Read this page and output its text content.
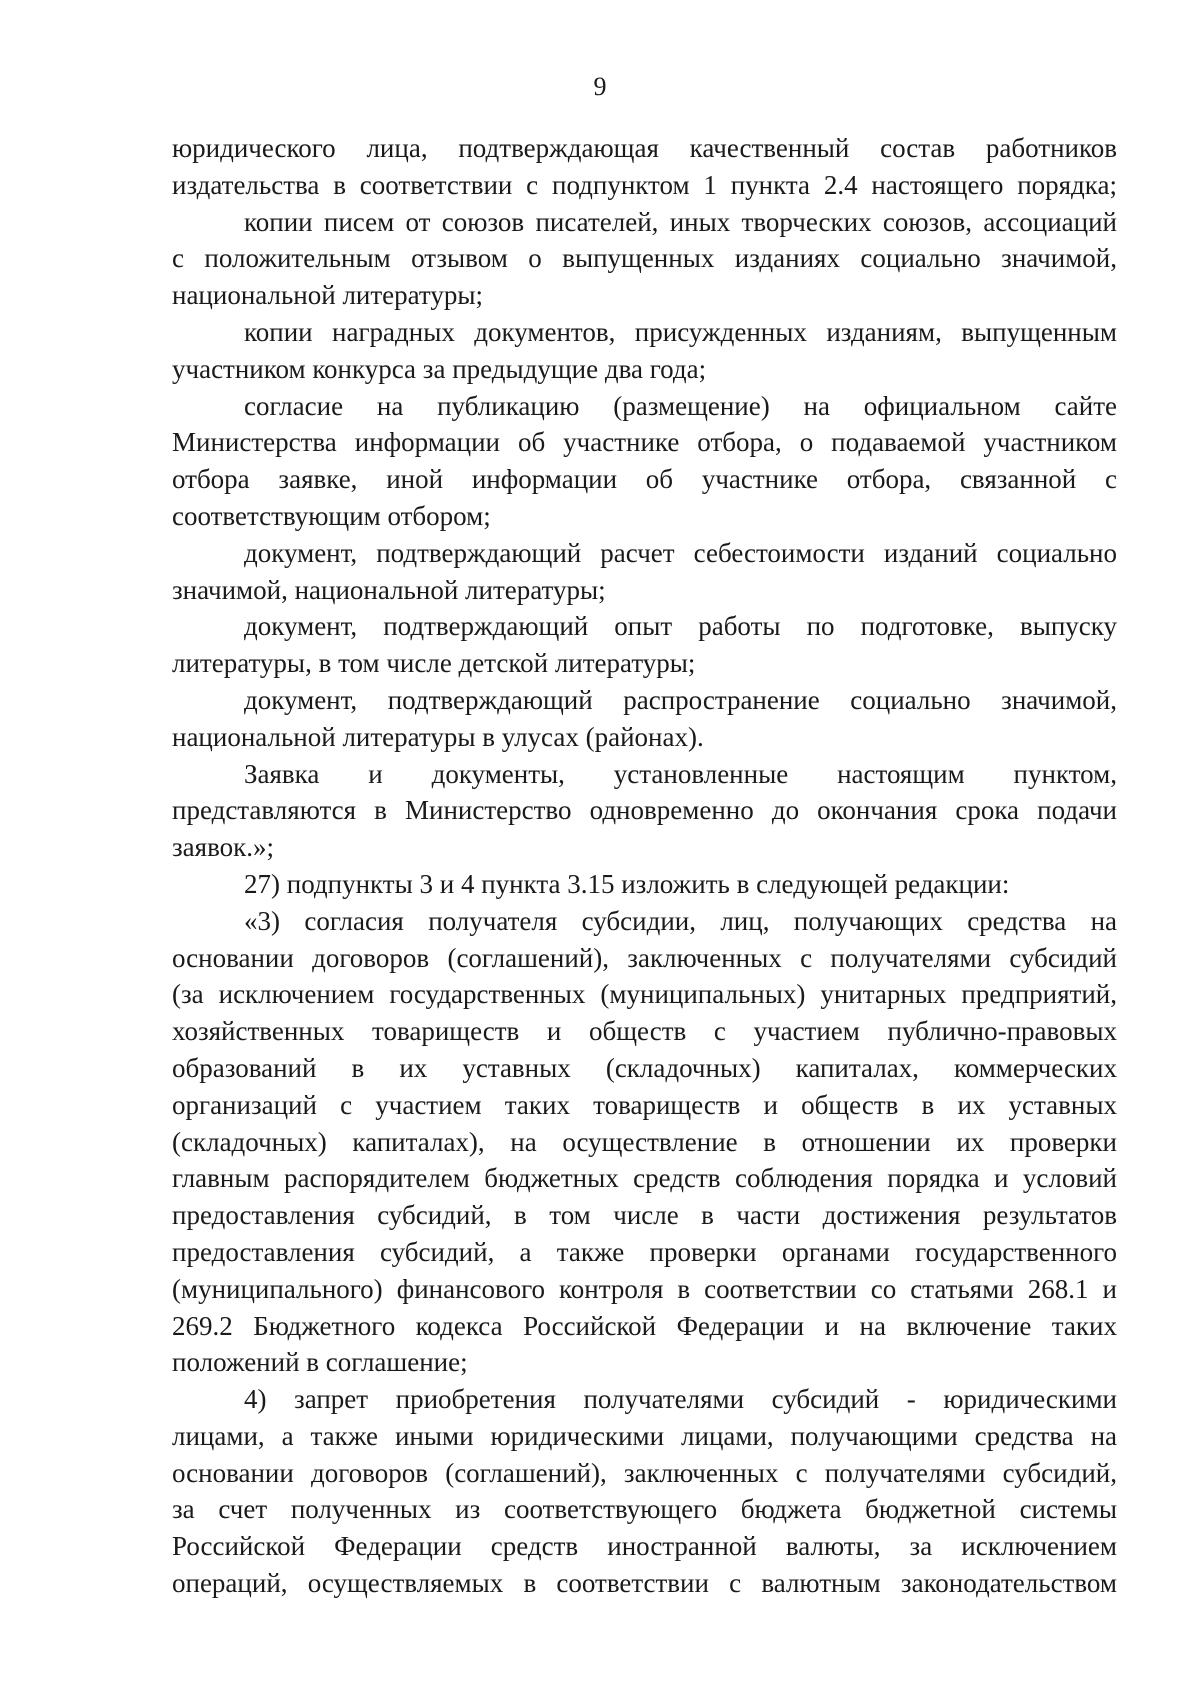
9
юридического лица, подтверждающая качественный состав работников
издательства в соответствии с подпунктом 1 пункта 2.4 настоящего порядка;
копии писем от союзов писателей, иных творческих союзов, ассоциаций
с положительным отзывом о выпущенных изданиях социально значимой,
национальной литературы;
копии наградных документов, присужденных изданиям, выпущенным
участником конкурса за предыдущие два года;
согласие на публикацию (размещение) на официальном сайте
Министерства информации об участнике отбора, о подаваемой участником
отбора заявке, иной информации об участнике отбора, связанной с
соответствующим отбором;
документ, подтверждающий расчет себестоимости изданий социально
значимой, национальной литературы;
документ, подтверждающий опыт работы по подготовке, выпуску
литературы, в том числе детской литературы;
документ, подтверждающий распространение социально значимой,
национальной литературы в улусах (районах).
Заявка и документы, установленные настоящим пунктом,
представляются в Министерство одновременно до окончания срока подачи
заявок.»;
27) подпункты 3 и 4 пункта 3.15 изложить в следующей редакции:
«3) согласия получателя субсидии, лиц, получающих средства на
основании договоров (соглашений), заключенных с получателями субсидий
(за исключением государственных (муниципальных) унитарных предприятий,
хозяйственных товариществ и обществ с участием публично-правовых
образований в их уставных (складочных) капиталах, коммерческих
организаций с участием таких товариществ и обществ в их уставных
(складочных) капиталах), на осуществление в отношении их проверки
главным распорядителем бюджетных средств соблюдения порядка и условий
предоставления субсидий, в том числе в части достижения результатов
предоставления субсидий, а также проверки органами государственного
(муниципального) финансового контроля в соответствии со статьями 268.1 и
269.2 Бюджетного кодекса Российской Федерации и на включение таких
положений в соглашение;
4) запрет приобретения получателями субсидий - юридическими
лицами, а также иными юридическими лицами, получающими средства на
основании договоров (соглашений), заключенных с получателями субсидий,
за счет полученных из соответствующего бюджета бюджетной системы
Российской Федерации средств иностранной валюты, за исключением
операций, осуществляемых в соответствии с валютным законодательством
